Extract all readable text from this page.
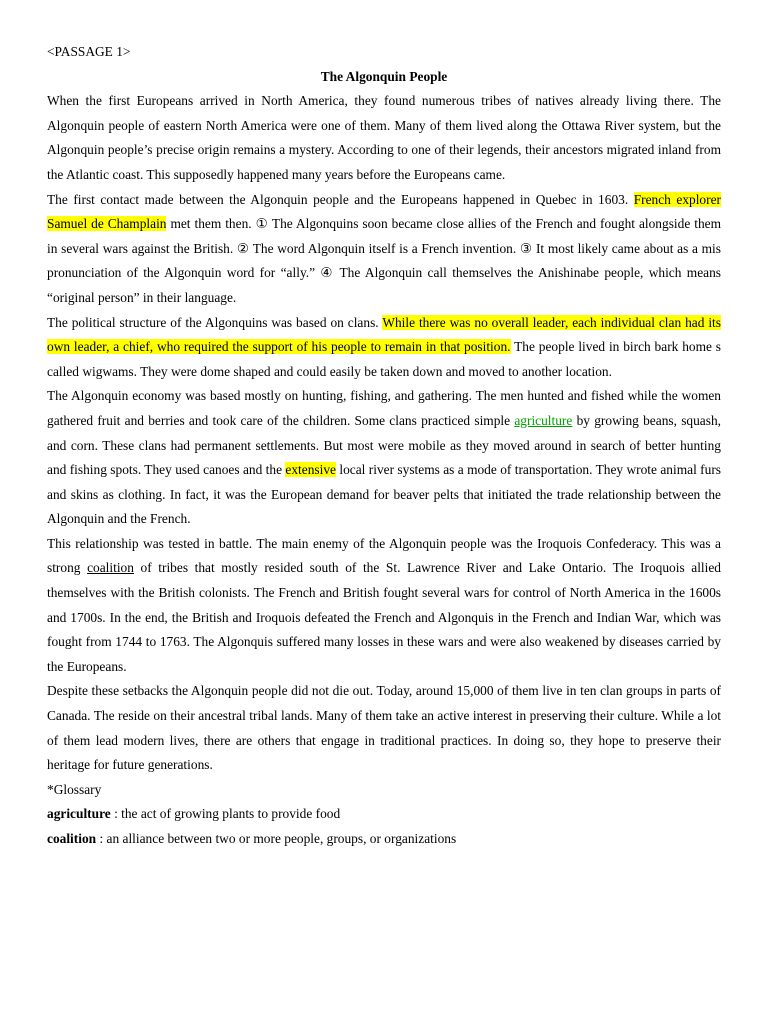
<PASSAGE 1>

The Algonquin People

When the first Europeans arrived in North America, they found numerous tribes of natives already living there. The Algonquin people of eastern North America were one of them. Many of them lived along the Ottawa River system, but the Algonquin people’s precise origin remains a mystery. According to one of their legends, their ancestors migrated inland from the Atlantic coast. This supposedly happened many years before the Europeans came.

The first contact made between the Algonquin people and the Europeans happened in Quebec in 1603. French explorer Samuel de Champlain met them then. ① The Algonquins soon became close allies of the French and fought alongside them in several wars against the British. ② The word Algonquin itself is a French invention. ③ It most likely came about as a mis pronunciation of the Algonquin word for “ally.” ④ The Algonquin call themselves the Anishinabe people, which means “original person” in their language.

The political structure of the Algonquins was based on clans. While there was no overall leader, each individual clan had its own leader, a chief, who required the support of his people to remain in that position. The people lived in birch bark home s called wigwams. They were dome shaped and could easily be taken down and moved to another location.

The Algonquin economy was based mostly on hunting, fishing, and gathering. The men hunted and fished while the women gathered fruit and berries and took care of the children. Some clans practiced simple agriculture by growing beans, squash, and corn. These clans had permanent settlements. But most were mobile as they moved around in search of better hunting and fishing spots. They used canoes and the extensive local river systems as a mode of transportation. They wrote animal furs and skins as clothing. In fact, it was the European demand for beaver pelts that initiated the trade relationship between the Algonquin and the French.

This relationship was tested in battle. The main enemy of the Algonquin people was the Iroquois Confederacy. This was a strong coalition of tribes that mostly resided south of the St. Lawrence River and Lake Ontario. The Iroquois allied themselves with the British colonists. The French and British fought several wars for control of North America in the 1600s and 1700s. In the end, the British and Iroquois defeated the French and Algonquis in the French and Indian War, which was fought from 1744 to 1763. The Algonquis suffered many losses in these wars and were also weakened by diseases carried by the Europeans.

Despite these setbacks the Algonquin people did not die out. Today, around 15,000 of them live in ten clan groups in parts of Canada. The reside on their ancestral tribal lands. Many of them take an active interest in preserving their culture. While a lot of them lead modern lives, there are others that engage in traditional practices. In doing so, they hope to preserve their heritage for future generations.

*Glossary

agriculture : the act of growing plants to provide food

coalition : an alliance between two or more people, groups, or organizations
